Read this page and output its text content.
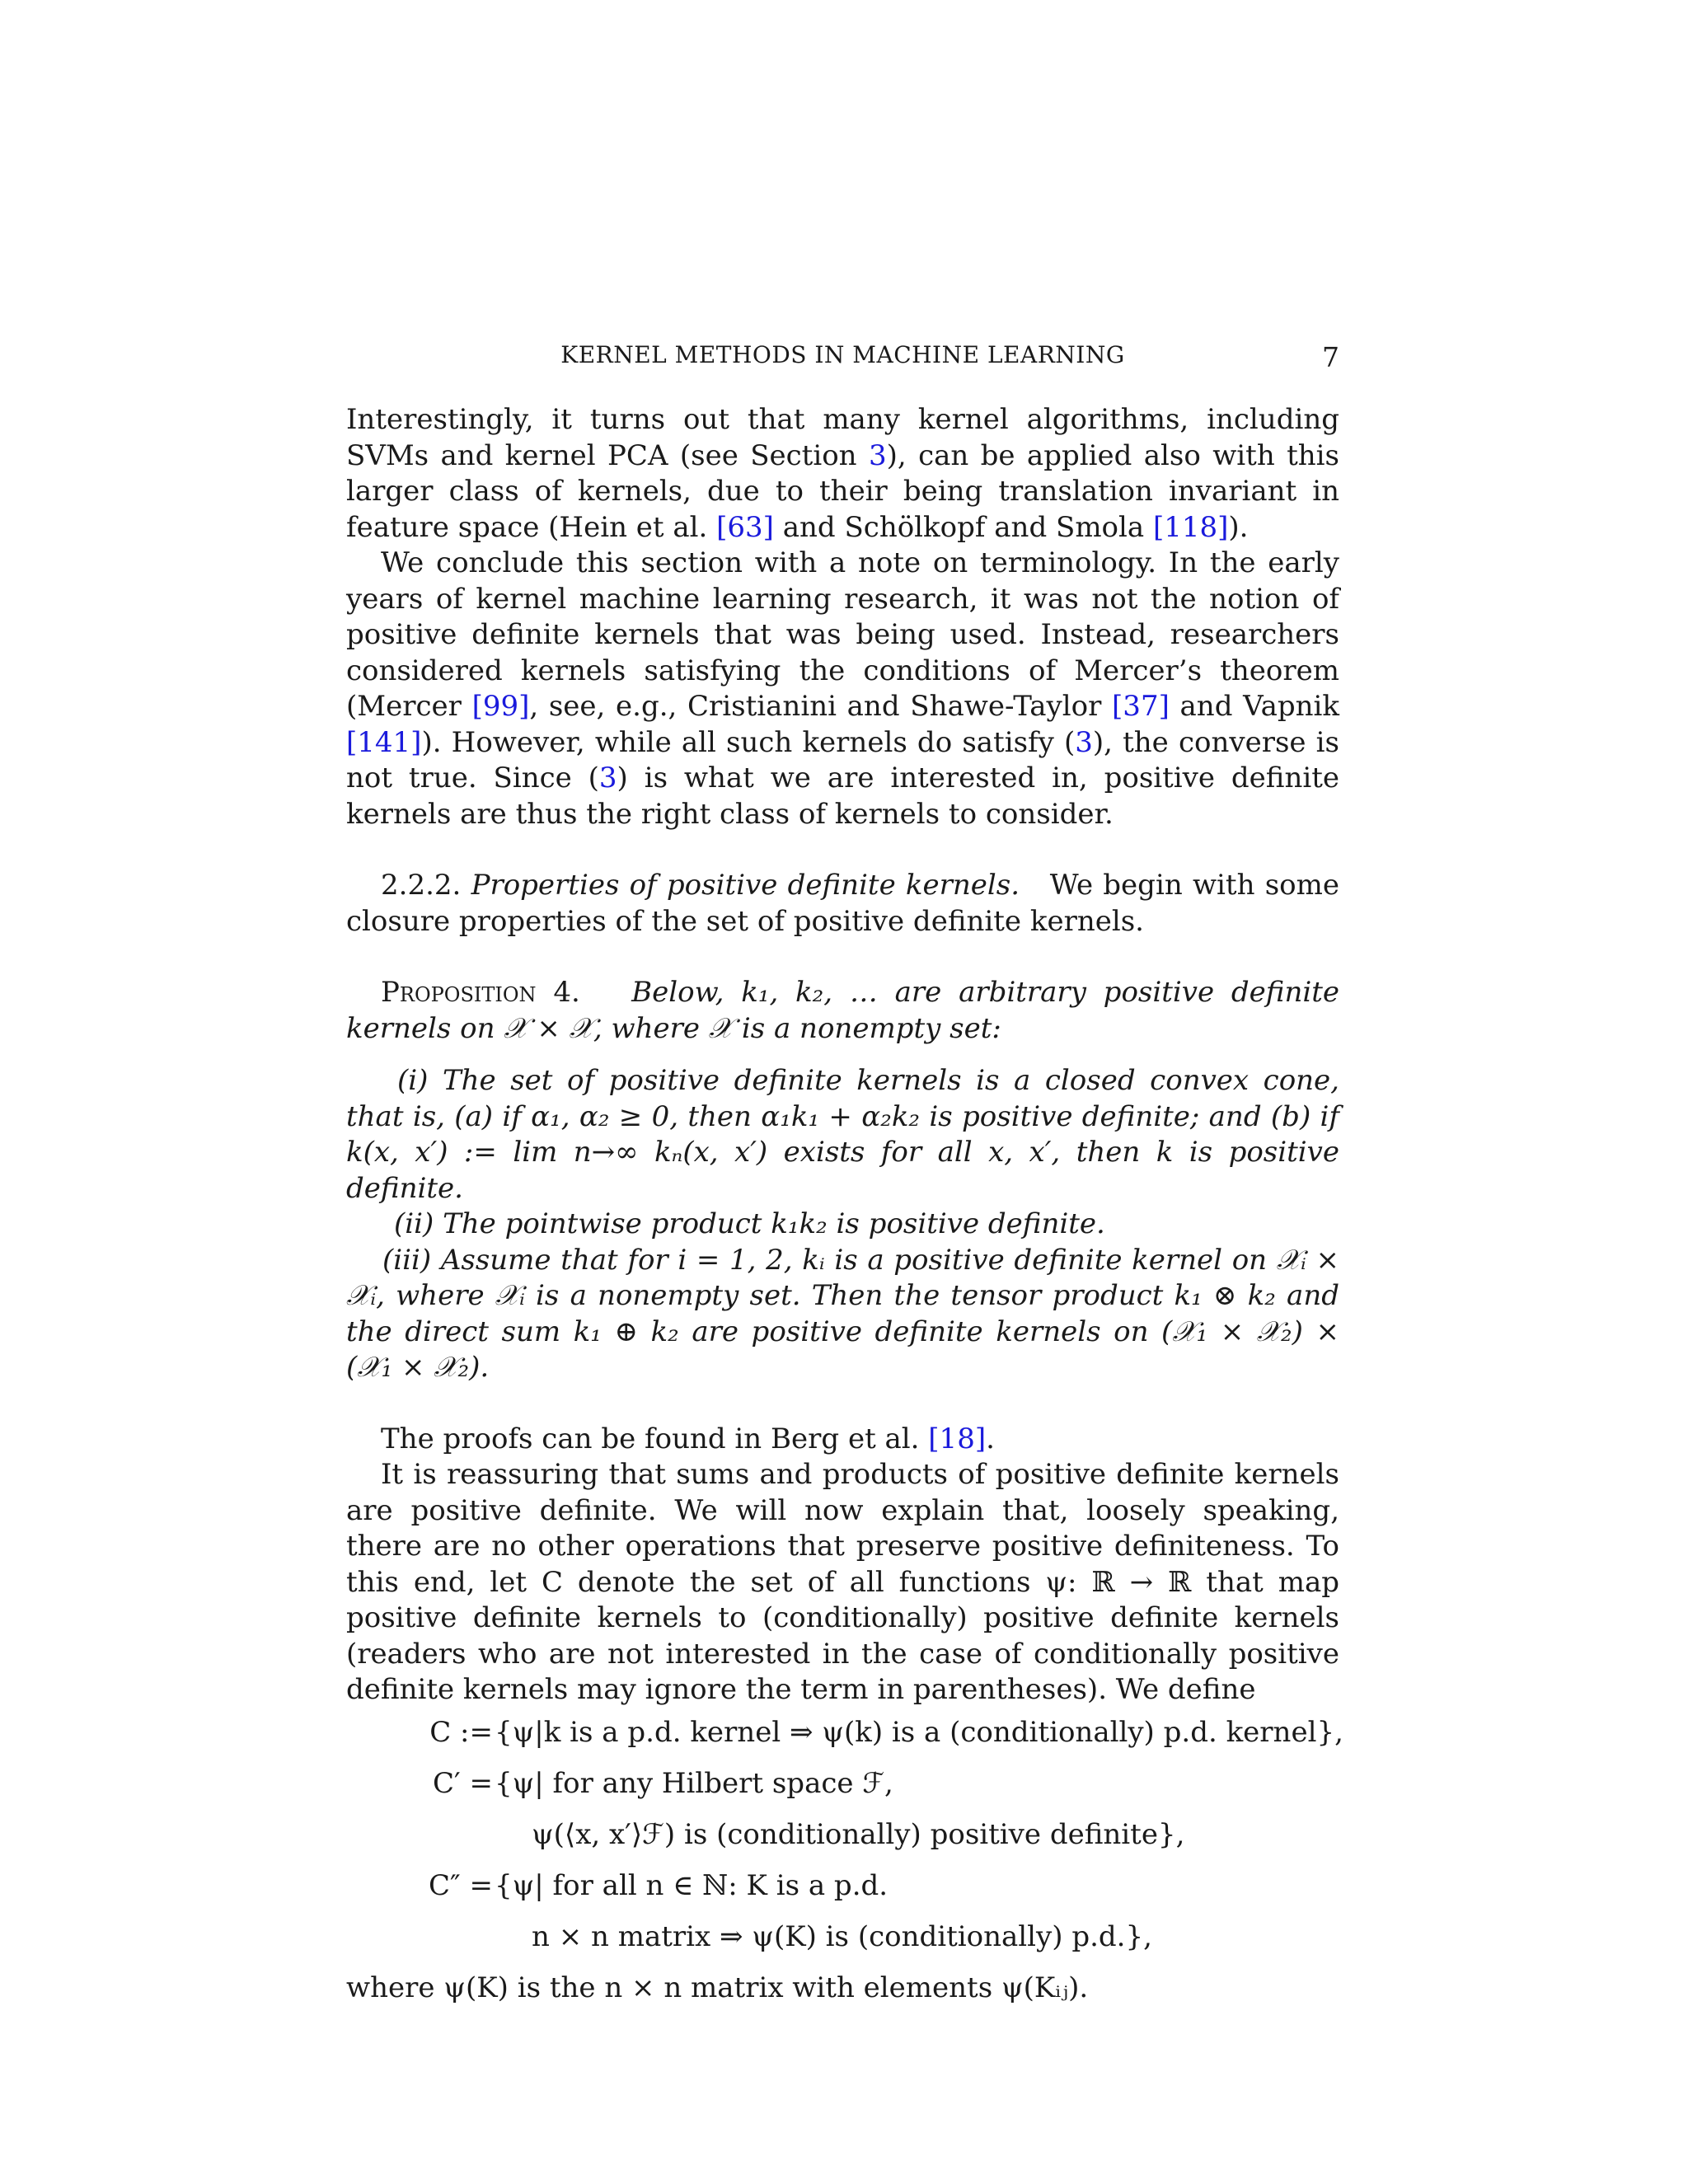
KERNEL METHODS IN MACHINE LEARNING	7

Interestingly, it turns out that many kernel algorithms, including SVMs and kernel PCA (see Section 3), can be applied also with this larger class of kernels, due to their being translation invariant in feature space (Hein et al. [63] and Schölkopf and Smola [118]).

We conclude this section with a note on terminology. In the early years of kernel machine learning research, it was not the notion of positive definite kernels that was being used. Instead, researchers considered kernels satisfying the conditions of Mercer’s theorem (Mercer [99], see, e.g., Cristianini and Shawe-Taylor [37] and Vapnik [141]). However, while all such kernels do satisfy (3), the converse is not true. Since (3) is what we are interested in, positive definite kernels are thus the right class of kernels to consider.

2.2.2. Properties of positive definite kernels. We begin with some closure properties of the set of positive definite kernels.

Proposition 4. Below, k₁, k₂, … are arbitrary positive definite kernels on 𝒳 × 𝒳, where 𝒳 is a nonempty set:

(i) The set of positive definite kernels is a closed convex cone, that is, (a) if α₁, α₂ ≥ 0, then α₁k₁ + α₂k₂ is positive definite; and (b) if k(x, x′) := lim n→∞ kₙ(x, x′) exists for all x, x′, then k is positive definite.

(ii) The pointwise product k₁k₂ is positive definite.

(iii) Assume that for i = 1, 2, kᵢ is a positive definite kernel on 𝒳ᵢ × 𝒳ᵢ, where 𝒳ᵢ is a nonempty set. Then the tensor product k₁ ⊗ k₂ and the direct sum k₁ ⊕ k₂ are positive definite kernels on (𝒳₁ × 𝒳₂) × (𝒳₁ × 𝒳₂).

The proofs can be found in Berg et al. [18].

It is reassuring that sums and products of positive definite kernels are positive definite. We will now explain that, loosely speaking, there are no other operations that preserve positive definiteness. To this end, let C denote the set of all functions ψ: ℝ → ℝ that map positive definite kernels to (conditionally) positive definite kernels (readers who are not interested in the case of conditionally positive definite kernels may ignore the term in parentheses). We define

C := {ψ|k is a p.d. kernel ⇒ ψ(k) is a (conditionally) p.d. kernel},
C′ = {ψ| for any Hilbert space ℱ,
ψ(⟨x, x′⟩ℱ) is (conditionally) positive definite},
C″ = {ψ| for all n ∈ ℕ: K is a p.d.
n × n matrix ⇒ ψ(K) is (conditionally) p.d.},

where ψ(K) is the n × n matrix with elements ψ(Kᵢⱼ).
